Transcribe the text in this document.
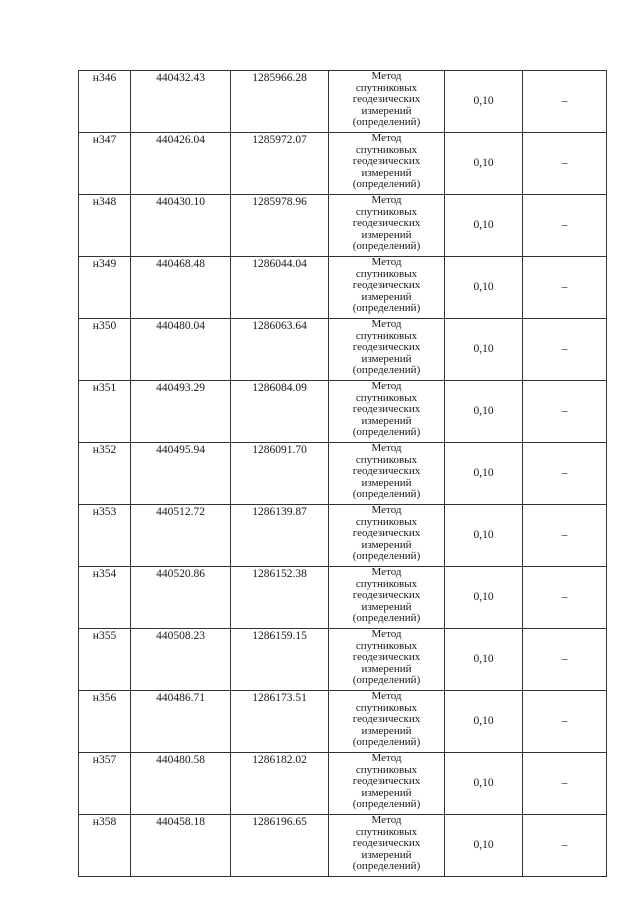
н346	440432.43	1285966.28	Метод
спутниковых
геодезических
измерений
(определений)	0,10	–
н347	440426.04	1285972.07	Метод
спутниковых
геодезических
измерений
(определений)	0,10	–
н348	440430.10	1285978.96	Метод
спутниковых
геодезических
измерений
(определений)	0,10	–
н349	440468.48	1286044.04	Метод
спутниковых
геодезических
измерений
(определений)	0,10	–
н350	440480.04	1286063.64	Метод
спутниковых
геодезических
измерений
(определений)	0,10	–
н351	440493.29	1286084.09	Метод
спутниковых
геодезических
измерений
(определений)	0,10	–
н352	440495.94	1286091.70	Метод
спутниковых
геодезических
измерений
(определений)	0,10	–
н353	440512.72	1286139.87	Метод
спутниковых
геодезических
измерений
(определений)	0,10	–
н354	440520.86	1286152.38	Метод
спутниковых
геодезических
измерений
(определений)	0,10	–
н355	440508.23	1286159.15	Метод
спутниковых
геодезических
измерений
(определений)	0,10	–
н356	440486.71	1286173.51	Метод
спутниковых
геодезических
измерений
(определений)	0,10	–
н357	440480.58	1286182.02	Метод
спутниковых
геодезических
измерений
(определений)	0,10	–
н358	440458.18	1286196.65	Метод
спутниковых
геодезических
измерений
(определений)	0,10	–
